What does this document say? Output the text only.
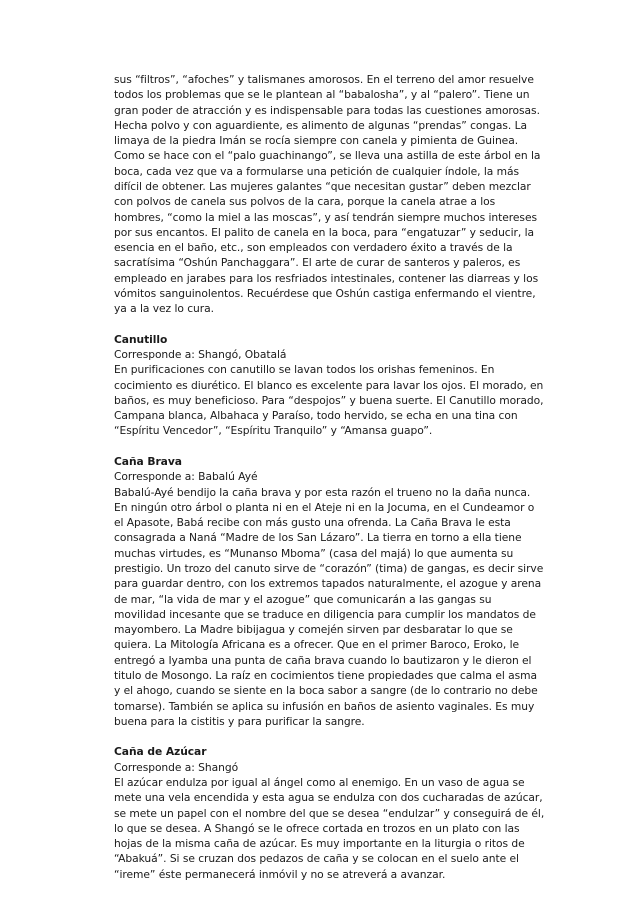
sus “filtros”, “afoches” y talismanes amorosos. En el terreno del amor resuelve todos los problemas que se le plantean al “babalosha”, y al “palero”. Tiene un gran poder de atracción y es indispensable para todas las cuestiones amorosas. Hecha polvo y con aguardiente, es alimento de algunas “prendas” congas. La limaya de la piedra Imán se rocía siempre con canela y pimienta de Guinea. Como se hace con el “palo guachinango”, se lleva una astilla de este árbol en la boca, cada vez que va a formularse una petición de cualquier índole, la más difícil de obtener. Las mujeres galantes “que necesitan gustar” deben mezclar con polvos de canela sus polvos de la cara, porque la canela atrae a los hombres, “como la miel a las moscas”, y así tendrán siempre muchos intereses por sus encantos. El palito de canela en la boca, para “engatuzar” y seducir, la esencia en el baño, etc., son empleados con verdadero éxito a través de la sacratísima “Oshún Panchaggara”. El arte de curar de santeros y paleros, es empleado en jarabes para los resfriados intestinales, contener las diarreas y los vómitos sanguinolentos. Recuérdese que Oshún castiga enfermando el vientre, ya a la vez lo cura.

Canutillo

Corresponde a: Shangó, Obatalá

En purificaciones con canutillo se lavan todos los orishas femeninos. En cocimiento es diurético. El blanco es excelente para lavar los ojos. El morado, en baños, es muy beneficioso. Para “despojos” y buena suerte. El Canutillo morado, Campana blanca, Albahaca y Paraíso, todo hervido, se echa en una tina con “Espíritu Vencedor”, “Espíritu Tranquilo” y “Amansa guapo”.

Caña Brava

Corresponde a: Babalú Ayé

Babalú-Ayé bendijo la caña brava y por esta razón el trueno no la daña nunca. En ningún otro árbol o planta ni en el Ateje ni en la Jocuma, en el Cundeamor o el Apasote, Babá recibe con más gusto una ofrenda. La Caña Brava le esta consagrada a Naná “Madre de los San Lázaro”. La tierra en torno a ella tiene muchas virtudes, es “Munanso Mboma” (casa del majá) lo que aumenta su prestigio. Un trozo del canuto sirve de “corazón” (tima) de gangas, es decir sirve para guardar dentro, con los extremos tapados naturalmente, el azogue y arena de mar, “la vida de mar y el azogue” que comunicarán a las gangas su movilidad incesante que se traduce en diligencia para cumplir los mandatos de mayombero. La Madre bibijagua y comején sirven par desbaratar lo que se quiera. La Mitología Africana es a ofrecer. Que en el primer Baroco, Eroko, le entregó a Iyamba una punta de caña brava cuando lo bautizaron y le dieron el titulo de Mosongo. La raíz en cocimientos tiene propiedades que calma el asma y el ahogo, cuando se siente en la boca sabor a sangre (de lo contrario no debe tomarse). También se aplica su infusión en baños de asiento vaginales. Es muy buena para la cistitis y para purificar la sangre.

Caña de Azúcar

Corresponde a: Shangó

El azúcar endulza por igual al ángel como al enemigo. En un vaso de agua se mete una vela encendida y esta agua se endulza con dos cucharadas de azúcar, se mete un papel con el nombre del que se desea “endulzar” y conseguirá de él, lo que se desea. A Shangó se le ofrece cortada en trozos en un plato con las hojas de la misma caña de azúcar. Es muy importante en la liturgia o ritos de “Abakuá”. Si se cruzan dos pedazos de caña y se colocan en el suelo ante el “ireme” éste permanecerá inmóvil y no se atreverá a avanzar.
